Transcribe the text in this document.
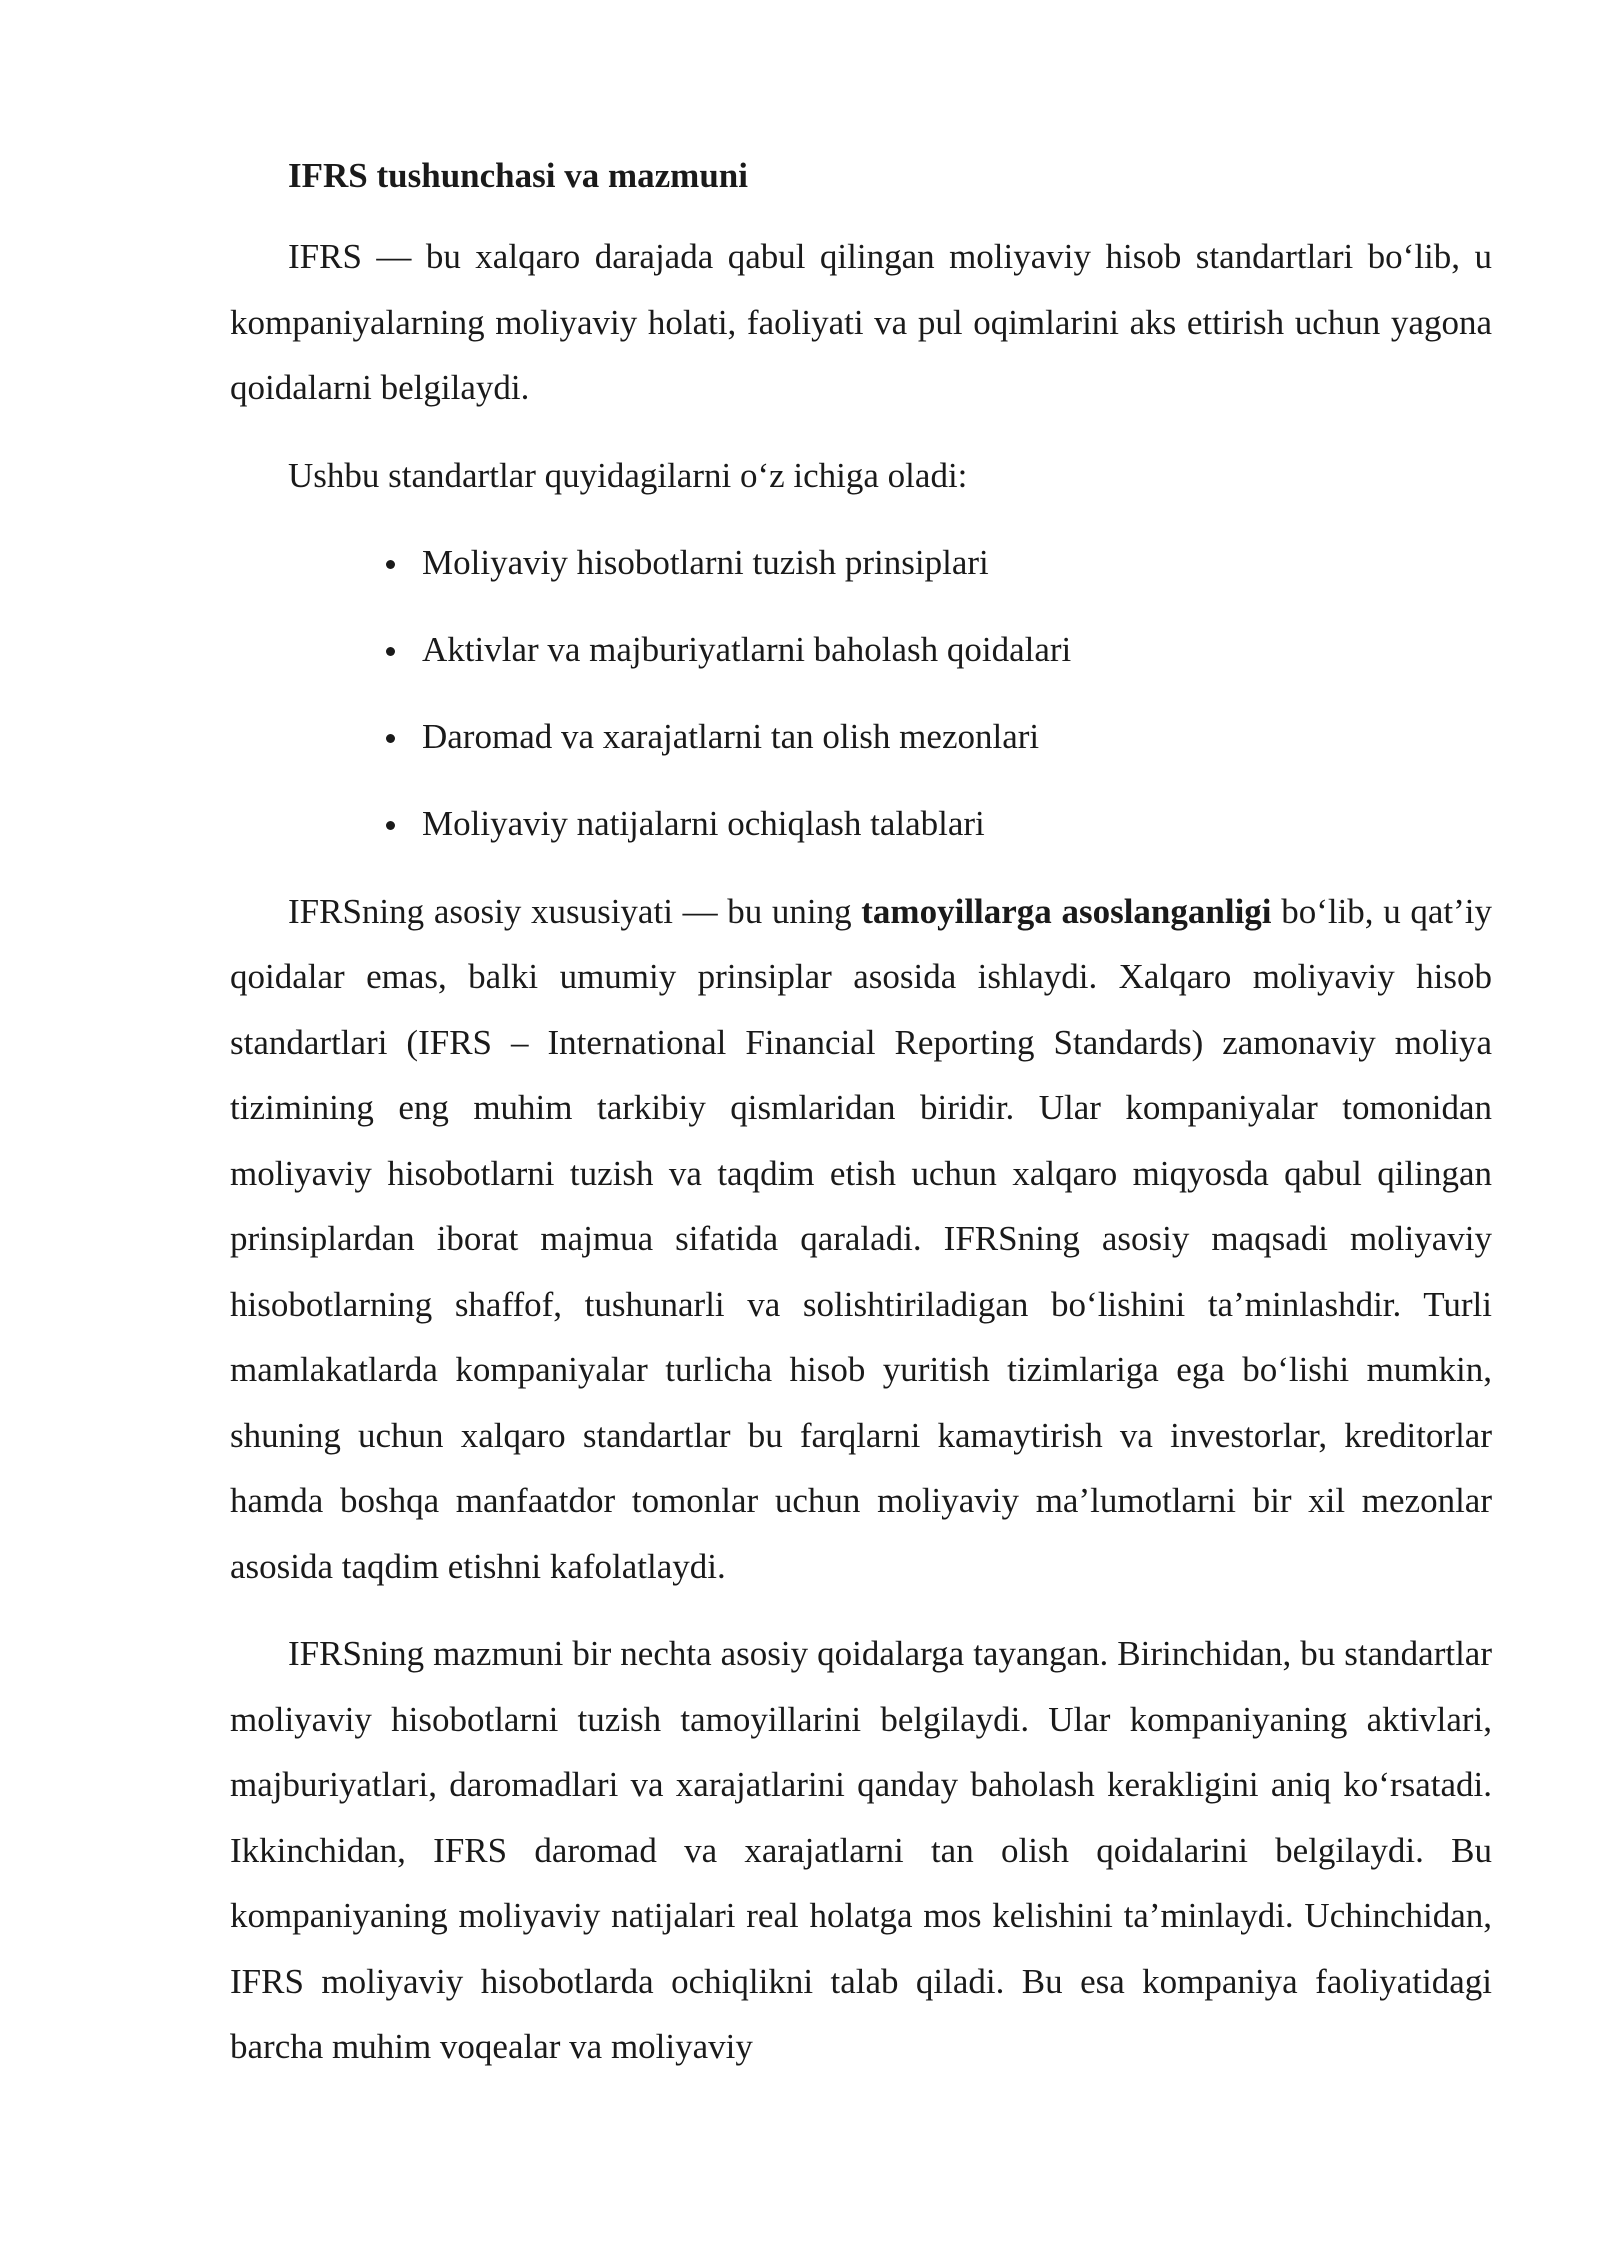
IFRS tushunchasi va mazmuni

IFRS — bu xalqaro darajada qabul qilingan moliyaviy hisob standartlari bo‘lib, u kompaniyalarning moliyaviy holati, faoliyati va pul oqimlarini aks ettirish uchun yagona qoidalarni belgilaydi.

Ushbu standartlar quyidagilarni o‘z ichiga oladi:

Moliyaviy hisobotlarni tuzish prinsiplari
Aktivlar va majburiyatlarni baholash qoidalari
Daromad va xarajatlarni tan olish mezonlari
Moliyaviy natijalarni ochiqlash talablari

IFRSning asosiy xususiyati — bu uning tamoyillarga asoslanganligi bo‘lib, u qat’iy qoidalar emas, balki umumiy prinsiplar asosida ishlaydi. Xalqaro moliyaviy hisob standartlari (IFRS – International Financial Reporting Standards) zamonaviy moliya tizimining eng muhim tarkibiy qismlaridan biridir. Ular kompaniyalar tomonidan moliyaviy hisobotlarni tuzish va taqdim etish uchun xalqaro miqyosda qabul qilingan prinsiplardan iborat majmua sifatida qaraladi. IFRSning asosiy maqsadi moliyaviy hisobotlarning shaffof, tushunarli va solishtiriladigan bo‘lishini ta’minlashdir. Turli mamlakatlarda kompaniyalar turlicha hisob yuritish tizimlariga ega bo‘lishi mumkin, shuning uchun xalqaro standartlar bu farqlarni kamaytirish va investorlar, kreditorlar hamda boshqa manfaatdor tomonlar uchun moliyaviy ma’lumotlarni bir xil mezonlar asosida taqdim etishni kafolatlaydi.

IFRSning mazmuni bir nechta asosiy qoidalarga tayangan. Birinchidan, bu standartlar moliyaviy hisobotlarni tuzish tamoyillarini belgilaydi. Ular kompaniyaning aktivlari, majburiyatlari, daromadlari va xarajatlarini qanday baholash kerakligini aniq ko‘rsatadi. Ikkinchidan, IFRS daromad va xarajatlarni tan olish qoidalarini belgilaydi. Bu kompaniyaning moliyaviy natijalari real holatga mos kelishini ta’minlaydi. Uchinchidan, IFRS moliyaviy hisobotlarda ochiqlikni talab qiladi. Bu esa kompaniya faoliyatidagi barcha muhim voqealar va moliyaviy
